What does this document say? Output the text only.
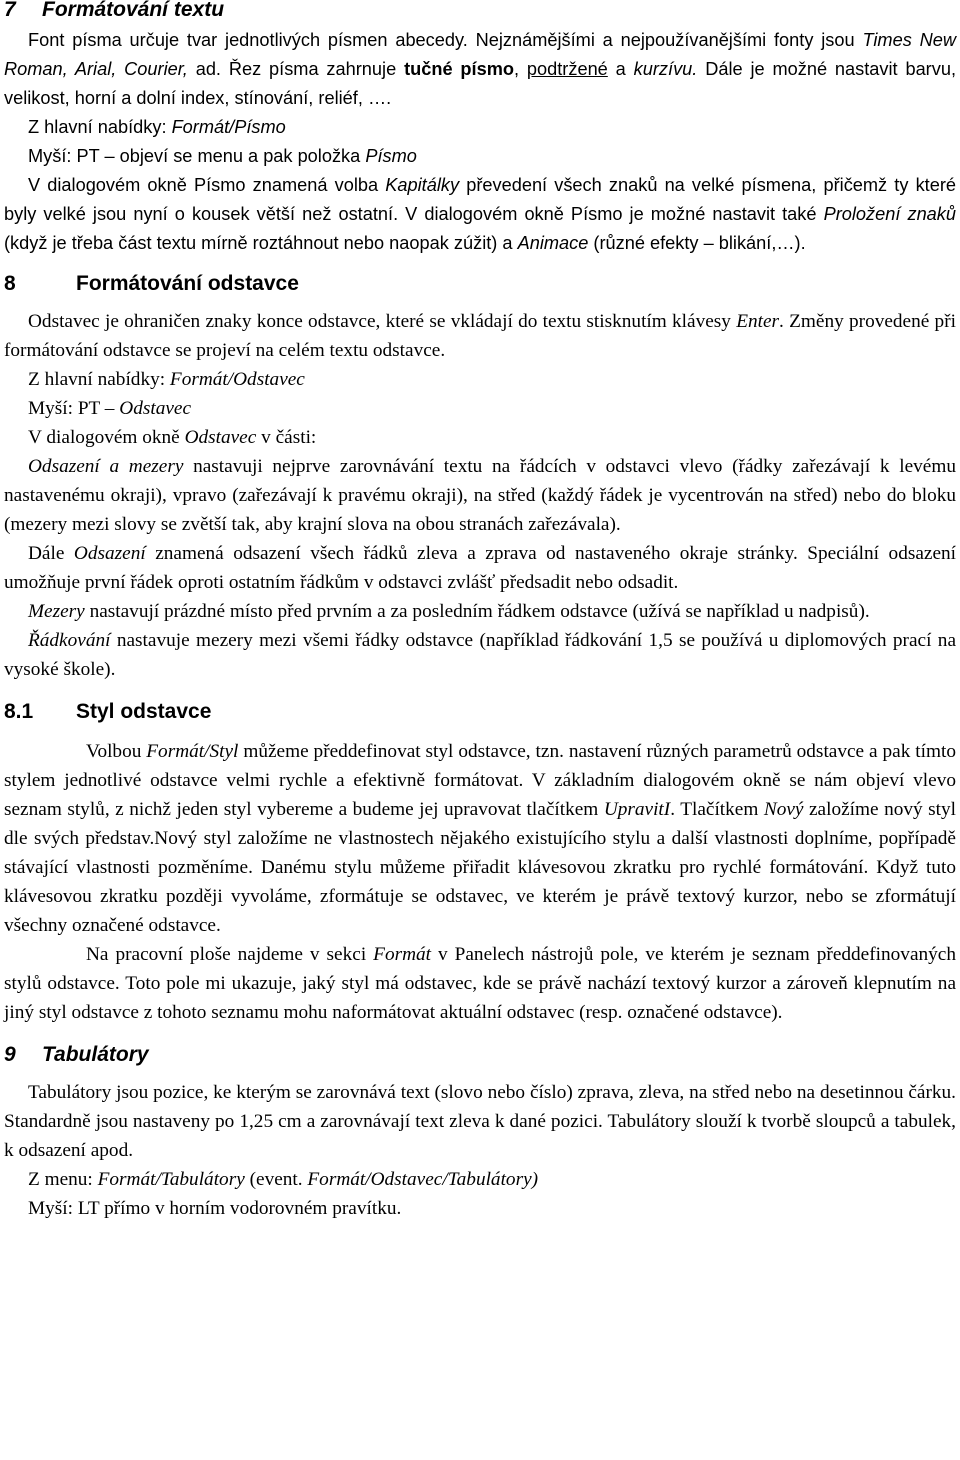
7 Formátování textu

Font písma určuje tvar jednotlivých písmen abecedy. Nejznámějšími a nejpoužívanějšími fonty jsou Times New Roman, Arial, Courier, ad. Řez písma zahrnuje tučné písmo, podtržené a kurzívu. Dále je možné nastavit barvu, velikost, horní a dolní index, stínování, reliéf, ….

Z hlavní nabídky: Formát/Písmo

Myší: PT – objeví se menu a pak položka Písmo

V dialogovém okně Písmo znamená volba Kapitálky převedení všech znaků na velké písmena, přičemž ty které byly velké jsou nyní o kousek větší než ostatní. V dialogovém okně Písmo je možné nastavit také Proložení znaků (když je třeba část textu mírně roztáhnout nebo naopak zúžit) a Animace (různé efekty – blikání,…).

8	Formátování odstavce

Odstavec je ohraničen znaky konce odstavce, které se vkládají do textu stisknutím klávesy Enter. Změny provedené při formátování odstavce se projeví na celém textu odstavce.

Z hlavní nabídky: Formát/Odstavec

Myší: PT – Odstavec

V dialogovém okně Odstavec v části:

Odsazení a mezery nastavuji nejprve zarovnávání textu na řádcích v odstavci vlevo (řádky zařezávají k levému nastavenému okraji), vpravo (zařezávají k pravému okraji), na střed (každý řádek je vycentrován na střed) nebo do bloku (mezery mezi slovy se zvětší tak, aby krajní slova na obou stranách zařezávala).

Dále Odsazení znamená odsazení všech řádků zleva a zprava od nastaveného okraje stránky. Speciální odsazení umožňuje první řádek oproti ostatním řádkům v odstavci zvlášť předsadit nebo odsadit.

Mezery nastavují prázdné místo před prvním a za posledním řádkem odstavce (užívá se například u nadpisů).

Řádkování nastavuje mezery mezi všemi řádky odstavce (například řádkování 1,5 se používá u diplomových prací na vysoké škole).

8.1 Styl odstavce

Volbou Formát/Styl můžeme předdefinovat styl odstavce, tzn. nastavení různých parametrů odstavce a pak tímto stylem jednotlivé odstavce velmi rychle a efektivně formátovat. V základním dialogovém okně se nám objeví vlevo seznam stylů, z nichž jeden styl vybereme a budeme jej upravovat tlačítkem UpravitI. Tlačítkem Nový založíme nový styl dle svých představ.Nový styl založíme ne vlastnostech nějakého existujícího stylu a další vlastnosti doplníme, popřípadě stávající vlastnosti pozměníme. Danému stylu můžeme přiřadit klávesovou zkratku pro rychlé formátování. Když tuto klávesovou zkratku později vyvoláme, zformátuje se odstavec, ve kterém je právě textový kurzor, nebo se zformátují všechny označené odstavce.

Na pracovní ploše najdeme v sekci Formát v Panelech nástrojů pole, ve kterém je seznam předdefinovaných stylů odstavce. Toto pole mi ukazuje, jaký styl má odstavec, kde se právě nachází textový kurzor a zároveň klepnutím na jiný styl odstavce z tohoto seznamu mohu naformátovat aktuální odstavec (resp. označené odstavce).

9 Tabulátory

Tabulátory jsou pozice, ke kterým se zarovnává text (slovo nebo číslo) zprava, zleva, na střed nebo na desetinnou čárku. Standardně jsou nastaveny po 1,25 cm a zarovnávají text zleva k dané pozici. Tabulátory slouží k tvorbě sloupců a tabulek, k odsazení apod.

Z menu: Formát/Tabulátory (event. Formát/Odstavec/Tabulátory)

Myší: LT přímo v horním vodorovném pravítku.
